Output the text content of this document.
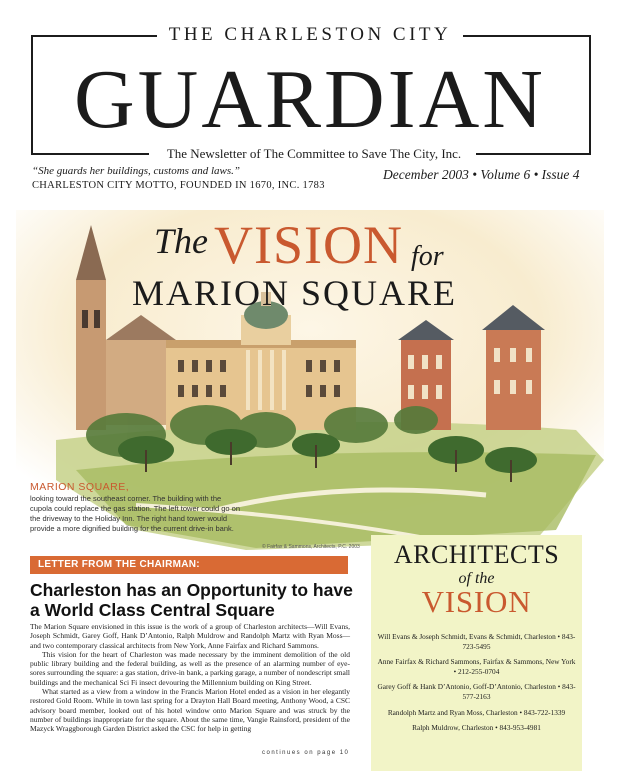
THE CHARLESTON CITY
GUARDIAN
The Newsletter of The Committee to Save The City, Inc.
“She guards her buildings, customs and laws.”
CHARLESTON CITY MOTTO, FOUNDED IN 1670, INC. 1783
December 2003 • Volume 6 • Issue 4
The VISION for
MARION SQUARE
MARION SQUARE,
looking toward the southeast corner. The building with the cupola could replace the gas station. The left tower could go on the driveway to the Holiday Inn. The right hand tower would provide a more dignified building for the current drive-in bank.
© Fairfax & Sammons, Architects, P.C. 2003
LETTER FROM THE CHAIRMAN:
Charleston has an Opportunity to have a World Class Central Square

The Marion Square envisioned in this issue is the work of a group of Charleston architects—Will Evans, Joseph Schmidt, Garey Goff, Hank D’Antonio, Ralph Muldrow and Randolph Martz with Ryan Moss—and two contemporary classical architects from New York, Anne Fairfax and Richard Sammons.

This vision for the heart of Charleston was made necessary by the imminent demolition of the old public library building and the federal building, as well as the presence of an alarming number of eye-sores surrounding the square: a gas station, drive-in bank, a parking garage, a number of nondescript small buildings and the mechanical Sci Fi insect devouring the Millennium building on King Street.

What started as a view from a window in the Francis Marion Hotel ended as a vision in her elegantly restored Gold Room. While in town last spring for a Drayton Hall Board meeting, Anthony Wood, a CSC advisory board member, looked out of his hotel window onto Marion Square and was struck by the number of buildings inappropriate for the square. About the same time, Vangie Rainsford, president of the Mazyck Wraggborough Garden District asked the CSC for help in getting

continues on page 10
ARCHITECTS
of the
VISION
Will Evans & Joseph Schmidt, Evans & Schmidt, Charleston • 843-723-5495
Anne Fairfax & Richard Sammons, Fairfax & Sammons, New York • 212-255-0704
Garey Goff & Hank D’Antonio, Goff-D’Antonio, Charleston • 843-577-2163
Randolph Martz and Ryan Moss, Charleston • 843-722-1339
Ralph Muldrow, Charleston • 843-953-4981
